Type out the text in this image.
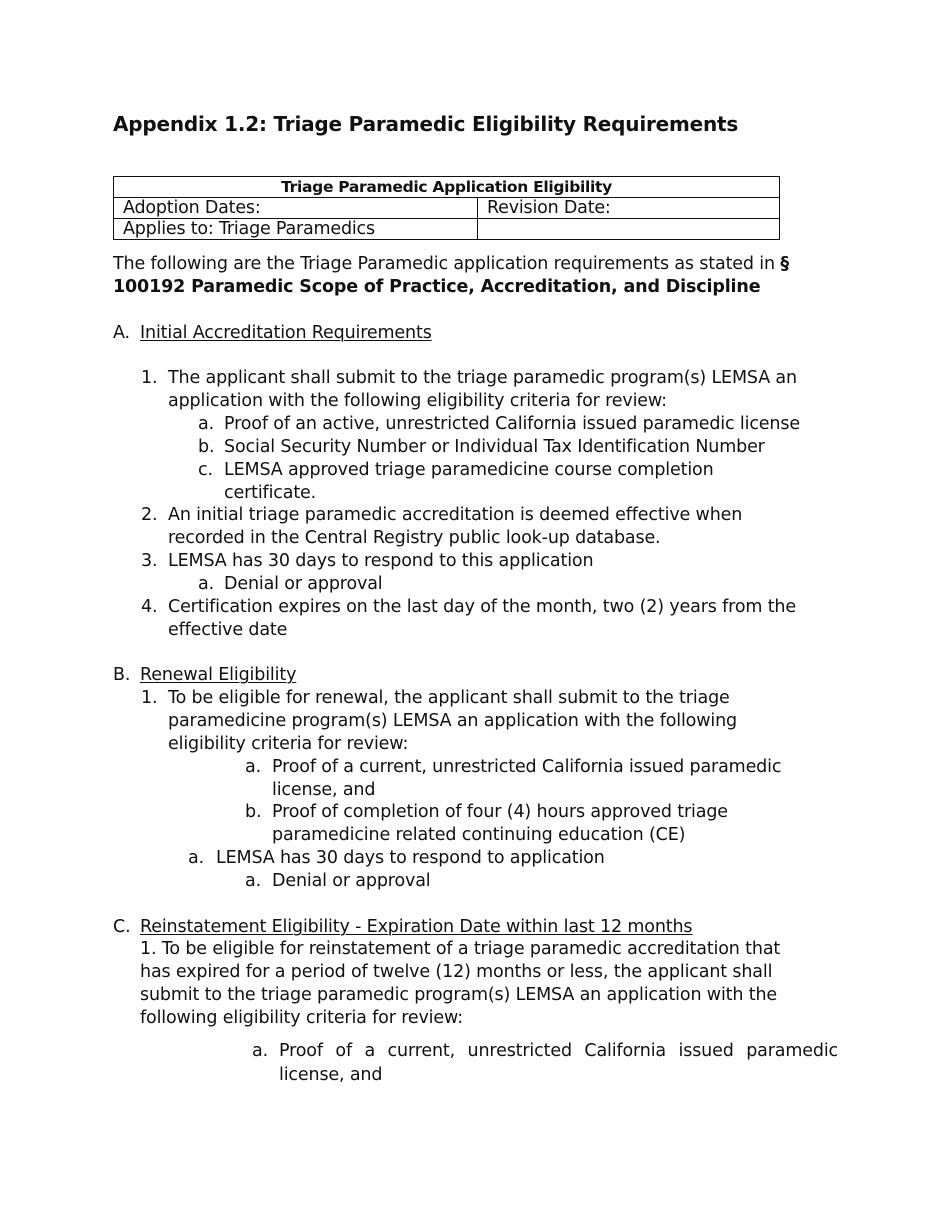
Appendix 1.2: Triage Paramedic Eligibility Requirements
Triage Paramedic Application Eligibility	
Adoption Dates:	Revision Date:
Applies to: Triage Paramedics	
The following are the Triage Paramedic application requirements as stated in §
100192 Paramedic Scope of Practice, Accreditation, and Discipline
A. Initial Accreditation Requirements
1. The applicant shall submit to the triage paramedic program(s) LEMSA an
application with the following eligibility criteria for review:
a. Proof of an active, unrestricted California issued paramedic license
b. Social Security Number or Individual Tax Identification Number
c. LEMSA approved triage paramedicine course completion
certificate.
2. An initial triage paramedic accreditation is deemed effective when
recorded in the Central Registry public look-up database.
3. LEMSA has 30 days to respond to this application
a. Denial or approval
4. Certification expires on the last day of the month, two (2) years from the
effective date
B. Renewal Eligibility
1. To be eligible for renewal, the applicant shall submit to the triage
paramedicine program(s) LEMSA an application with the following
eligibility criteria for review:
a. Proof of a current, unrestricted California issued paramedic
license, and
b. Proof of completion of four (4) hours approved triage
paramedicine related continuing education (CE)
a. LEMSA has 30 days to respond to application
a. Denial or approval
C. Reinstatement Eligibility - Expiration Date within last 12 months
1. To be eligible for reinstatement of a triage paramedic accreditation that
has expired for a period of twelve (12) months or less, the applicant shall
submit to the triage paramedic program(s) LEMSA an application with the
following eligibility criteria for review:
a. Proof of a current, unrestricted California issued paramedic
license, and
